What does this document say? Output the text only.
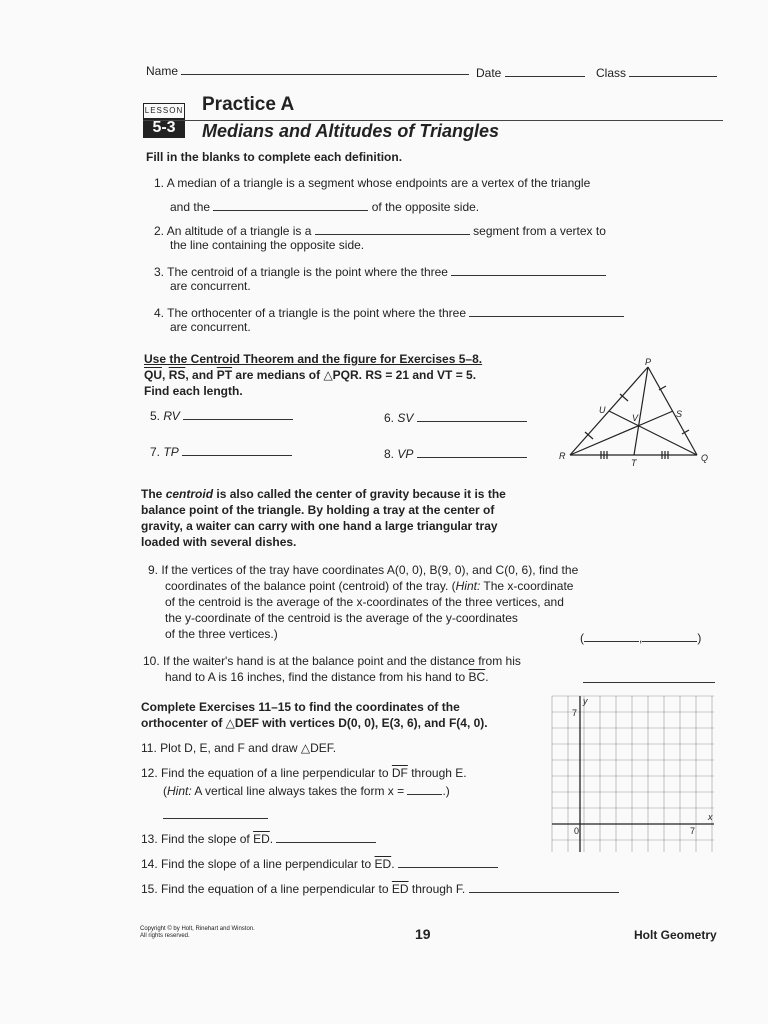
Name	Date	Class
LESSON
5-3
Practice A
Medians and Altitudes of Triangles
Fill in the blanks to complete each definition.
1. A median of a triangle is a segment whose endpoints are a vertex of the triangle
and the	of the opposite side.
2. An altitude of a triangle is a	segment from a vertex to
the line containing the opposite side.
3. The centroid of a triangle is the point where the three
are concurrent.
4. The orthocenter of a triangle is the point where the three
are concurrent.
Use the Centroid Theorem and the figure for Exercises 5–8.
$\overline{QU}$, $\overline{RS}$, and $\overline{PT}$ are medians of △PQR. RS = 21 and VT = 5.
Find each length.
5. RV	6. SV
7. TP	8. VP
P
Q
R
S
T
U
V
The centroid is also called the center of gravity because it is the
balance point of the triangle. By holding a tray at the center of
gravity, a waiter can carry with one hand a large triangular tray
loaded with several dishes.
9. If the vertices of the tray have coordinates A(0, 0), B(9, 0), and C(0, 6), find the
coordinates of the balance point (centroid) of the tray. (Hint: The x-coordinate
of the centroid is the average of the x-coordinates of the three vertices, and
the y-coordinate of the centroid is the average of the y-coordinates
of the three vertices.)	(	,	)
10. If the waiter's hand is at the balance point and the distance from his
hand to A is 16 inches, find the distance from his hand to $\overline{BC}$.
Complete Exercises 11–15 to find the coordinates of the
orthocenter of △DEF with vertices D(0, 0), E(3, 6), and F(4, 0).
11. Plot D, E, and F and draw △DEF.
12. Find the equation of a line perpendicular to $\overline{DF}$ through E.
(Hint: A vertical line always takes the form x =	.)
13. Find the slope of $\overline{ED}$.
14. Find the slope of a line perpendicular to $\overline{ED}$.
15. Find the equation of a line perpendicular to $\overline{ED}$ through F.
y
x
7
7
0
Copyright © by Holt, Rinehart and Winston.
All rights reserved.	19	Holt Geometry
